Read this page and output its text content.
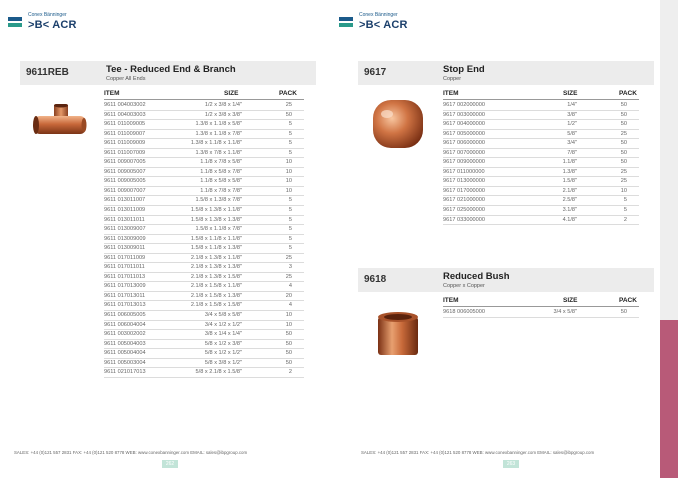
Conex Bänninger
>B< ACR
9611REB	Tee - Reduced End & Branch
Copper All Ends
ITEM	SIZE	PACK
9611 004003002	1/2 x 3/8 x 1/4"	25
9611 004003003	1/2 x 3/8 x 3/8"	50
9611 011009005	1.3/8 x 1.1/8 x 5/8"	5
9611 011009007	1.3/8 x 1.1/8 x 7/8"	5
9611 011009009	1.3/8 x 1.1/8 x 1.1/8"	5
9611 011007009	1.3/8 x 7/8 x 1.1/8"	5
9611 009007005	1.1/8 x 7/8 x 5/8"	10
9611 009005007	1.1/8 x 5/8 x 7/8"	10
9611 009005005	1.1/8 x 5/8 x 5/8"	10
9611 009007007	1.1/8 x 7/8 x 7/8"	10
9611 013011007	1.5/8 x 1.3/8 x 7/8"	5
9611 013011009	1.5/8 x 1.3/8 x 1.1/8"	5
9611 013011011	1.5/8 x 1.3/8 x 1.3/8"	5
9611 013009007	1.5/8 x 1.1/8 x 7/8"	5
9611 013009009	1.5/8 x 1.1/8 x 1.1/8"	5
9611 013009011	1.5/8 x 1.1/8 x 1.3/8"	5
9611 017011009	2.1/8 x 1.3/8 x 1.1/8"	25
9611 017011011	2.1/8 x 1.3/8 x 1.3/8"	3
9611 017011013	2.1/8 x 1.3/8 x 1.5/8"	25
9611 017013009	2.1/8 x 1.5/8 x 1.1/8"	4
9611 017013011	2.1/8 x 1.5/8 x 1.3/8"	20
9611 017013013	2.1/8 x 1.5/8 x 1.5/8"	4
9611 006005005	3/4 x 5/8 x 5/8"	10
9611 006004004	3/4 x 1/2 x 1/2"	10
9611 003002002	3/8 x 1/4 x 1/4"	50
9611 005004003	5/8 x 1/2 x 3/8"	50
9611 005004004	5/8 x 1/2 x 1/2"	50
9611 005003004	5/8 x 3/8 x 1/2"	50
9611 021017013	5/8 x 2.1/8 x 1.5/8"	2
SALES: +44 (0)121 557 2831 FAX: +44 (0)121 520 8778 WEB: www.conexbanninger.com EMAIL: sales@ibpgroup.com
262
Conex Bänninger
>B< ACR
9617	Stop End
Copper
ITEM	SIZE	PACK
9617 002000000	1/4"	50
9617 003000000	3/8"	50
9617 004000000	1/2"	50
9617 005000000	5/8"	25
9617 006000000	3/4"	50
9617 007000000	7/8"	50
9617 009000000	1.1/8"	50
9617 011000000	1.3/8"	25
9617 013000000	1.5/8"	25
9617 017000000	2.1/8"	10
9617 021000000	2.5/8"	5
9617 025000000	3.1/8"	5
9617 033000000	4.1/8"	2
9618	Reduced Bush
Copper x Copper
ITEM	SIZE	PACK
9618 006005000	3/4 x 5/8"	50
SALES: +44 (0)121 557 2831 FAX: +44 (0)121 520 8778 WEB: www.conexbanninger.com EMAIL: sales@ibpgroup.com
263
